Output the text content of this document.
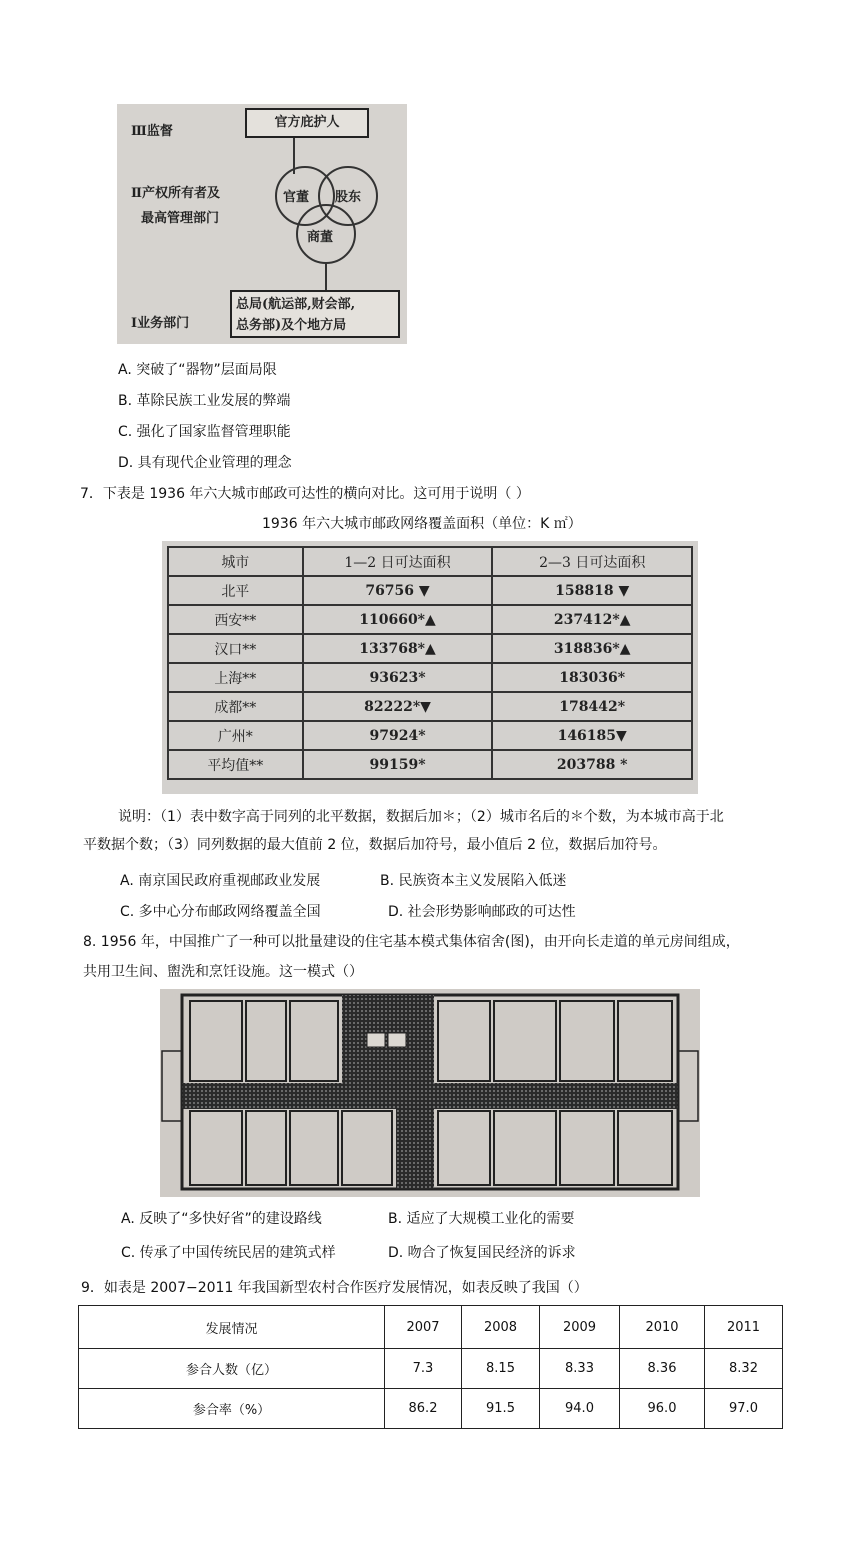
Ⅲ监督
Ⅱ产权所有者及
最高管理部门
Ⅰ业务部门
官方庇护人
官董 股东
商董
总局(航运部,财会部,
总务部)及个地方局
A. 突破了“器物”层面局限
B. 革除民族工业发展的弊端
C. 强化了国家监督管理职能
D. 具有现代企业管理的理念
7．下表是 1936 年六大城市邮政可达性的横向对比。这可用于说明（ ）
1936 年六大城市邮政网络覆盖面积（单位：K ㎡）
城市	1—2 日可达面积	2—3 日可达面积
北平	76756 ▼	158818 ▼
西安**	110660*▲	237412*▲
汉口**	133768*▲	318836*▲
上海**	93623*	183036*
成都**	82222*▼	178442*
广州*	97924*	146185▼
平均值**	99159*	203788 *
说明：（1）表中数字高于同列的北平数据，数据后加＊；（2）城市名后的＊个数，为本城市高于北
平数据个数；（3）同列数据的最大值前 2 位，数据后加符号，最小值后 2 位，数据后加符号。
A. 南京国民政府重视邮政业发展	B. 民族资本主义发展陷入低迷
C. 多中心分布邮政网络覆盖全国	D. 社会形势影响邮政的可达性
8. 1956 年，中国推广了一种可以批量建设的住宅基本模式集体宿舍(图)，由开向长走道的单元房间组成，
共用卫生间、盥洗和烹饪设施。这一模式（）
A. 反映了“多快好省”的建设路线	B. 适应了大规模工业化的需要
C. 传承了中国传统民居的建筑式样	D. 吻合了恢复国民经济的诉求
9．如表是 2007−2011 年我国新型农村合作医疗发展情况，如表反映了我国（）
发展情况	2007	2008	2009	2010	2011
参合人数（亿）	7.3	8.15	8.33	8.36	8.32
参合率（%）	86.2	91.5	94.0	96.0	97.0
